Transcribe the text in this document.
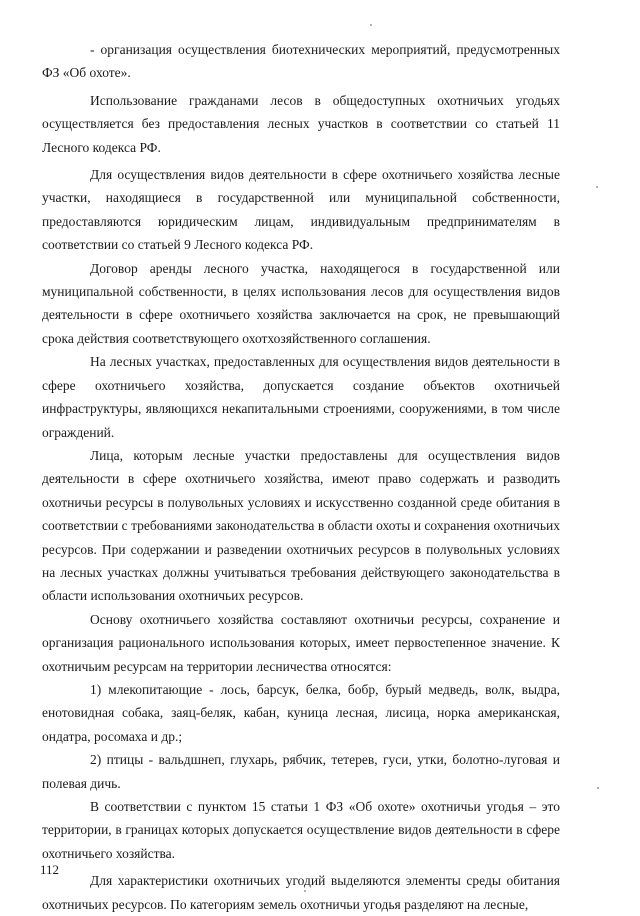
- организация осуществления биотехнических мероприятий, предусмотренных ФЗ «Об охоте».

Использование гражданами лесов в общедоступных охотничьих угодьях осуществляется без предоставления лесных участков в соответствии со статьей 11 Лесного кодекса РФ.

Для осуществления видов деятельности в сфере охотничьего хозяйства лесные участки, находящиеся в государственной или муниципальной собственности, предоставляются юридическим лицам, индивидуальным предпринимателям в соответствии со статьей 9 Лесного кодекса РФ.

Договор аренды лесного участка, находящегося в государственной или муниципальной собственности, в целях использования лесов для осуществления видов деятельности в сфере охотничьего хозяйства заключается на срок, не превышающий срока действия соответствующего охотхозяйственного соглашения.

На лесных участках, предоставленных для осуществления видов деятельности в сфере охотничьего хозяйства, допускается создание объектов охотничьей инфраструктуры, являющихся некапитальными строениями, сооружениями, в том числе ограждений.

Лица, которым лесные участки предоставлены для осуществления видов деятельности в сфере охотничьего хозяйства, имеют право содержать и разводить охотничьи ресурсы в полувольных условиях и искусственно созданной среде обитания в соответствии с требованиями законодательства в области охоты и сохранения охотничьих ресурсов. При содержании и разведении охотничьих ресурсов в полувольных условиях на лесных участках должны учитываться требования действующего законодательства в области использования охотничьих ресурсов.

Основу охотничьего хозяйства составляют охотничьи ресурсы, сохранение и организация рационального использования которых, имеет первостепенное значение. К охотничьим ресурсам на территории лесничества относятся:

1) млекопитающие - лось, барсук, белка, бобр, бурый медведь, волк, выдра, енотовидная собака, заяц-беляк, кабан, куница лесная, лисица, норка американская, ондатра, росомаха и др.;

2) птицы - вальдшнеп, глухарь, рябчик, тетерев, гуси, утки, болотно-луговая и полевая дичь.

В соответствии с пунктом 15 статьи 1 ФЗ «Об охоте» охотничьи угодья – это территории, в границах которых допускается осуществление видов деятельности в сфере охотничьего хозяйства.

Для характеристики охотничьих угодий выделяются элементы среды обитания охотничьих ресурсов. По категориям земель охотничьи угодья разделяют на лесные,

112
